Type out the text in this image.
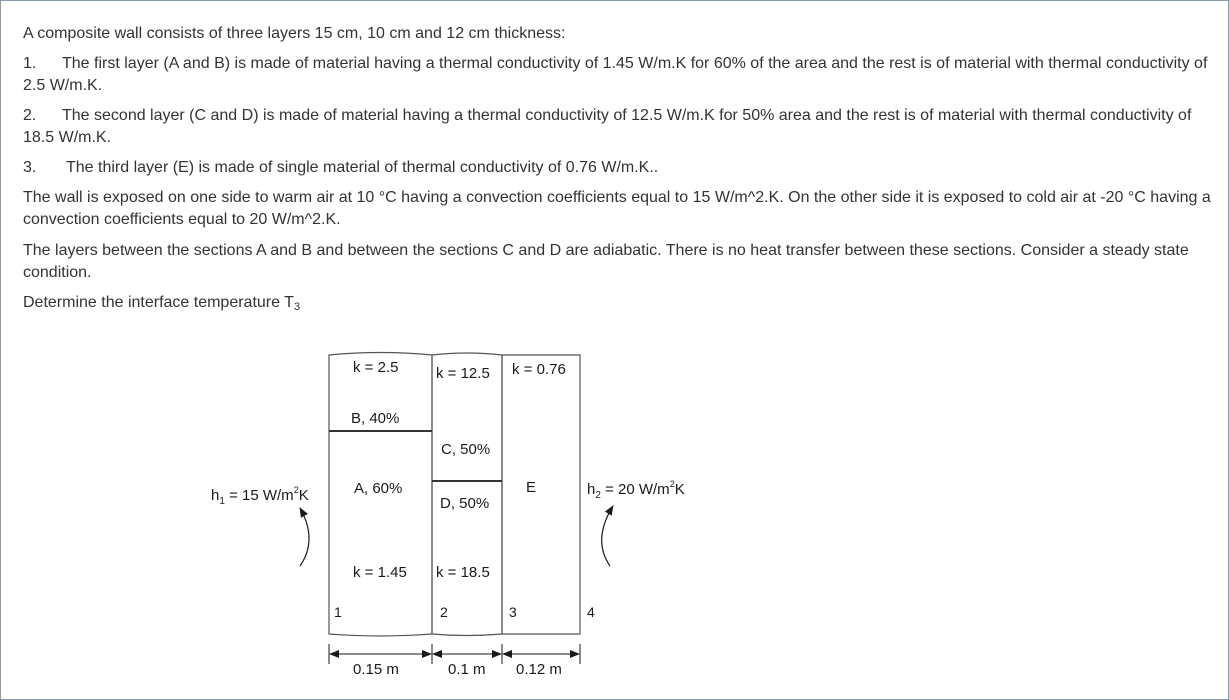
A composite wall consists of three layers 15 cm, 10 cm and 12 cm thickness:
1. The first layer (A and B) is made of material having a thermal conductivity of 1.45 W/m.K for 60% of the area and the rest is of material with thermal conductivity of 2.5 W/m.K.
2. The second layer (C and D) is made of material having a thermal conductivity of 12.5 W/m.K for 50% area and the rest is of material with thermal conductivity of 18.5 W/m.K.
3. The third layer (E) is made of single material of thermal conductivity of 0.76 W/m.K..
The wall is exposed on one side to warm air at 10 °C having a convection coefficients equal to 15 W/m^2.K. On the other side it is exposed to cold air at -20 °C having a convection coefficients equal to 20 W/m^2.K.
The layers between the sections A and B and between the sections C and D are adiabatic. There is no heat transfer between these sections. Consider a steady state condition.
Determine the interface temperature $T_3$
k = 2.5
B, 40%
A, 60%
k = 1.45
k = 12.5
C, 50%
D, 50%
k = 18.5
k = 0.76
E
$h_1 = 15$ $W/m^2K$	$h_2 = 20$ $W/m^2K$
1	2	3	4
0.15 m	0.1 m 0.12 m
